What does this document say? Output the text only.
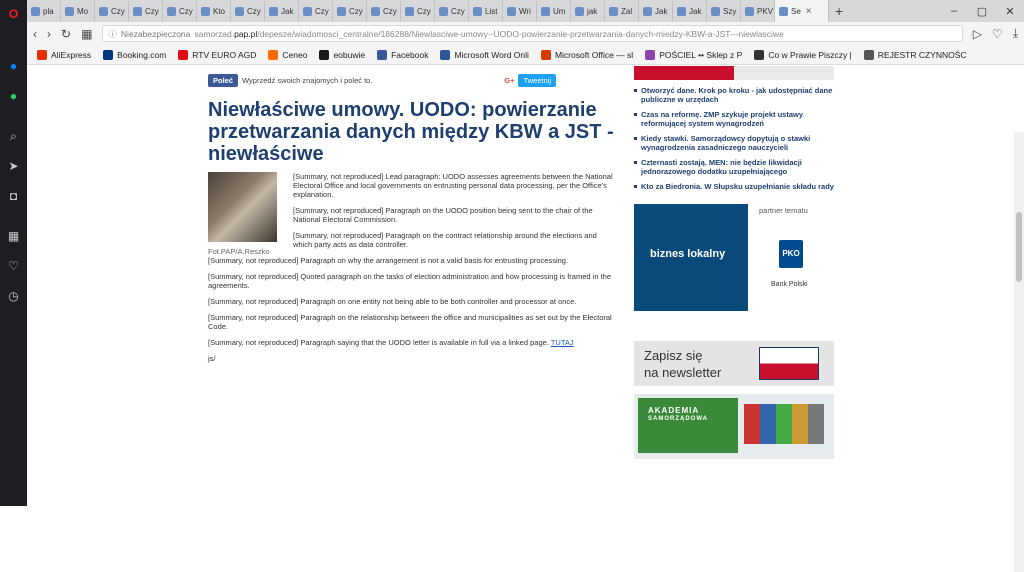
O
●
●
⌕
➤
◘
▦
♡
◷
pla	Mo	Czy	Czy	Czy	Kto	Czy	Jak	Czy	Czy	Czy	Czy	Czy	List	Wri	Um	jak	Zal	Jak	Jak	Szy	PKV Se ×	+	–	▢	✕
‹ › ↻ ▦ ⓘ Niezabezpieczona samorzad. pap.pl /depesze/wiadomosci_centralne/186288/Niewlasciwe-umowy--UODO-powierzanie-przetwarzania-danych-miedzy-KBW-a-JST---niewlasciwe	▷ ♡ ⤓
AliExpress	Booking.com	RTV EURO AGD	Ceneo	eobuwie	Facebook	Microsoft Word Onli	Microsoft Office — sl	POŚCIEL •• Sklep z P	Co w Prawie Piszczy |	REJESTR CZYNNOŚC
Poleć	Wyprzedź swoich znajomych i poleć to.	G+	Tweetnij
Niewłaściwe umowy. UODO: powierzanie przetwarzania danych między KBW a JST - niewłaściwe
Fot.PAP/A.Reszko

[Summary, not reproduced] Lead paragraph: UODO assesses agreements between the National Electoral Office and local governments on entrusting personal data processing, per the Office's explanation.

[Summary, not reproduced] Paragraph on the UODO position being sent to the chair of the National Electoral Commission.

[Summary, not reproduced] Paragraph on the contract relationship around the elections and which party acts as data controller.

[Summary, not reproduced] Paragraph on why the arrangement is not a valid basis for entrusting processing.

[Summary, not reproduced] Quoted paragraph on the tasks of election administration and how processing is framed in the agreements.

[Summary, not reproduced] Paragraph on one entity not being able to be both controller and processor at once.

[Summary, not reproduced] Paragraph on the relationship between the office and municipalities as set out by the Electoral Code.

[Summary, not reproduced] Paragraph saying that the UODO letter is available in full via a linked page. TUTAJ

js/

Otworzyć dane. Krok po kroku - jak udostępniać dane publiczne w urzędach
Czas na reformę. ZMP szykuje projekt ustawy reformującej system wynagrodzeń
Kiedy stawki. Samorządowcy dopytują o stawki wynagrodzenia zasadniczego nauczycieli
Czternasti zostają. MEN: nie będzie likwidacji jednorazowego dodatku uzupełniającego
Kto za Biedronia. W Słupsku uzupełnianie składu rady
biznes lokalny
partner tematu
PKO
Bank Polski
Zapisz się
na newsletter
AKADEMIA
SAMORZĄDOWA
